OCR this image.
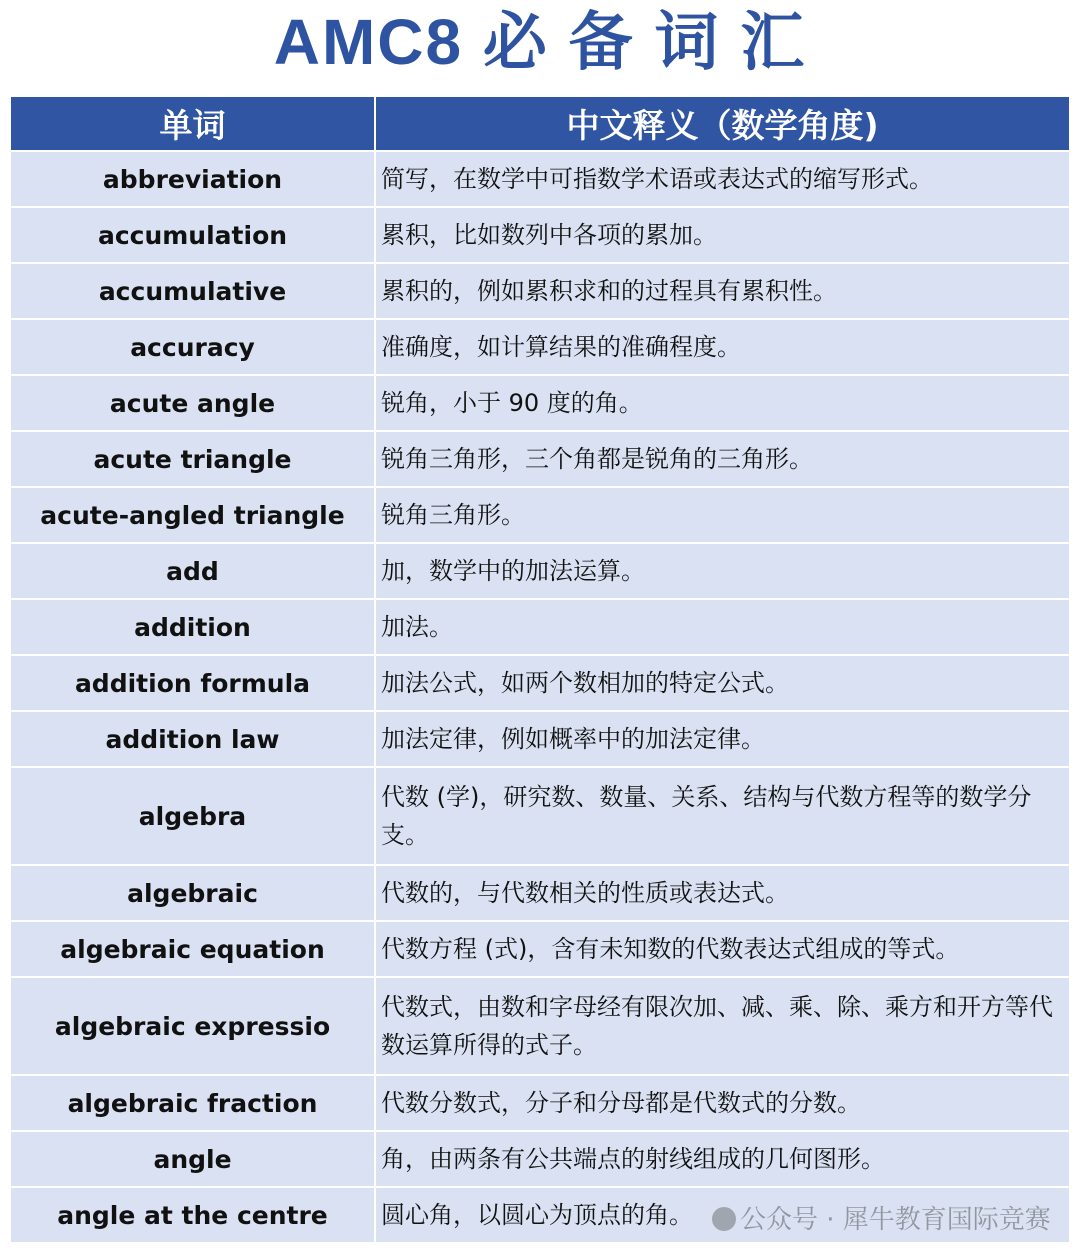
AMC8 必 备 词 汇
单词	中文释义（数学角度)
abbreviation	简写，在数学中可指数学术语或表达式的缩写形式。
accumulation	累积，比如数列中各项的累加。
accumulative	累积的，例如累积求和的过程具有累积性。
accuracy	准确度，如计算结果的准确程度。
acute angle	锐角，小于 90 度的角。
acute triangle	锐角三角形，三个角都是锐角的三角形。
acute-angled triangle	锐角三角形。
add	加，数学中的加法运算。
addition	加法。
addition formula	加法公式，如两个数相加的特定公式。
addition law	加法定律，例如概率中的加法定律。
algebra	代数 (学)，研究数、数量、关系、结构与代数方程等的数学分支。
algebraic	代数的，与代数相关的性质或表达式。
algebraic equation	代数方程 (式)，含有未知数的代数表达式组成的等式。
algebraic expressio	代数式，由数和字母经有限次加、减、乘、除、乘方和开方等代数运算所得的式子。
algebraic fraction	代数分数式，分子和分母都是代数式的分数。
angle	角，由两条有公共端点的射线组成的几何图形。
angle at the centre	圆心角，以圆心为顶点的角。	公众号 · 犀牛教育国际竞赛
